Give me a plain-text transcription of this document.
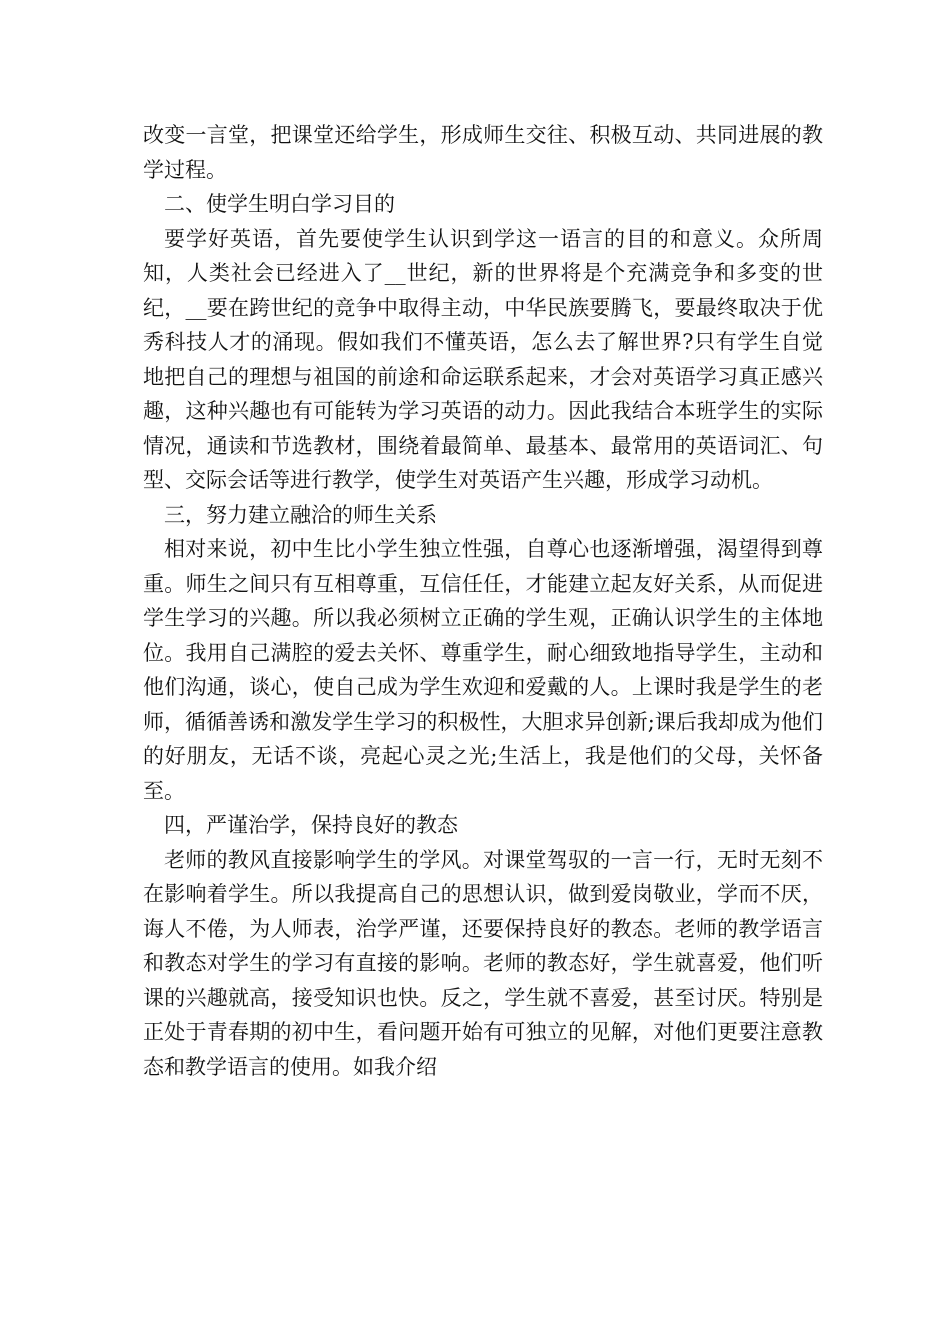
改变一言堂，把课堂还给学生，形成师生交往、积极互动、共同进展的教学过程。

二、使学生明白学习目的

要学好英语，首先要使学生认识到学这一语言的目的和意义。众所周知，人类社会已经进入了__世纪，新的世界将是个充满竞争和多变的世纪，__要在跨世纪的竞争中取得主动，中华民族要腾飞，要最终取决于优秀科技人才的涌现。假如我们不懂英语，怎么去了解世界?只有学生自觉地把自己的理想与祖国的前途和命运联系起来，才会对英语学习真正感兴趣，这种兴趣也有可能转为学习英语的动力。因此我结合本班学生的实际情况，通读和节选教材，围绕着最简单、最基本、最常用的英语词汇、句型、交际会话等进行教学，使学生对英语产生兴趣，形成学习动机。

三，努力建立融洽的师生关系

相对来说，初中生比小学生独立性强，自尊心也逐渐增强，渴望得到尊重。师生之间只有互相尊重，互信任任，才能建立起友好关系，从而促进学生学习的兴趣。所以我必须树立正确的学生观，正确认识学生的主体地位。我用自己满腔的爱去关怀、尊重学生，耐心细致地指导学生，主动和他们沟通，谈心，使自己成为学生欢迎和爱戴的人。上课时我是学生的老师，循循善诱和激发学生学习的积极性，大胆求异创新;课后我却成为他们的好朋友，无话不谈，亮起心灵之光;生活上，我是他们的父母，关怀备至。

四，严谨治学，保持良好的教态

老师的教风直接影响学生的学风。对课堂驾驭的一言一行，无时无刻不在影响着学生。所以我提高自己的思想认识，做到爱岗敬业，学而不厌，诲人不倦，为人师表，治学严谨，还要保持良好的教态。老师的教学语言和教态对学生的学习有直接的影响。老师的教态好，学生就喜爱，他们听课的兴趣就高，接受知识也快。反之，学生就不喜爱，甚至讨厌。特别是正处于青春期的初中生，看问题开始有可独立的见解，对他们更要注意教态和教学语言的使用。如我介绍
